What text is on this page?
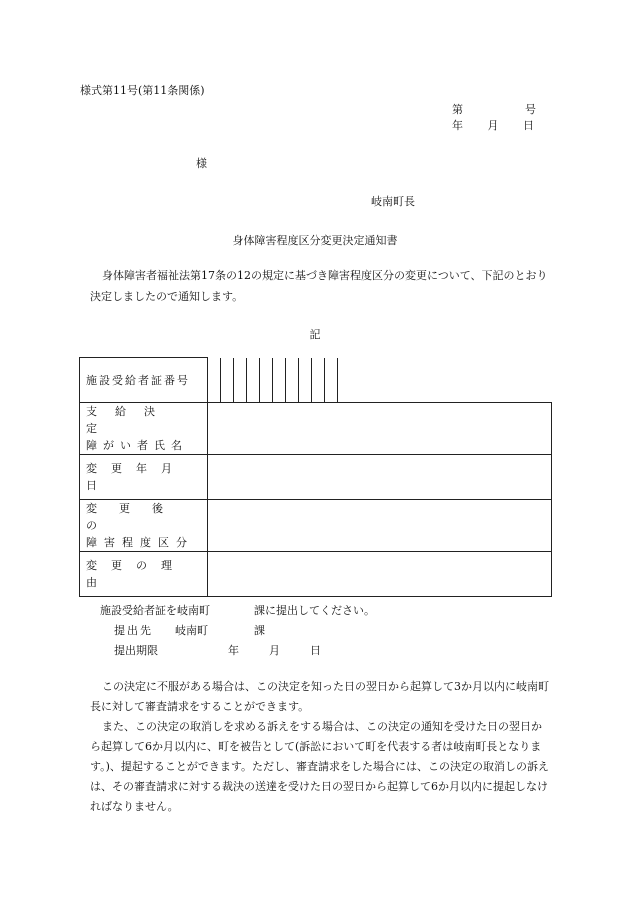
様式第11号(第11条関係)
第	号
年 月 日
様
岐南町長
身体障害程度区分変更決定通知書
身体障害者福祉法第17条の12の規定に基づき障害程度区分の変更について、下記のとおり決定しましたので通知します。
記
施設受給者証番号	

支給決定
障がい者氏名	

変更年月日	

変更後の
障害程度区分	

変更の理由	

施設受給者証を岐南町	課に提出してください。
提出先 岐南町	課
提出期限	年	月	日

この決定に不服がある場合は、この決定を知った日の翌日から起算して3か月以内に岐南町長に対して審査請求をすることができます。

また、この決定の取消しを求める訴えをする場合は、この決定の通知を受けた日の翌日から起算して6か月以内に、町を被告として(訴訟において町を代表する者は岐南町長となります。)、提起することができます。ただし、審査請求をした場合には、この決定の取消しの訴えは、その審査請求に対する裁決の送達を受けた日の翌日から起算して6か月以内に提起しなければなりません。
